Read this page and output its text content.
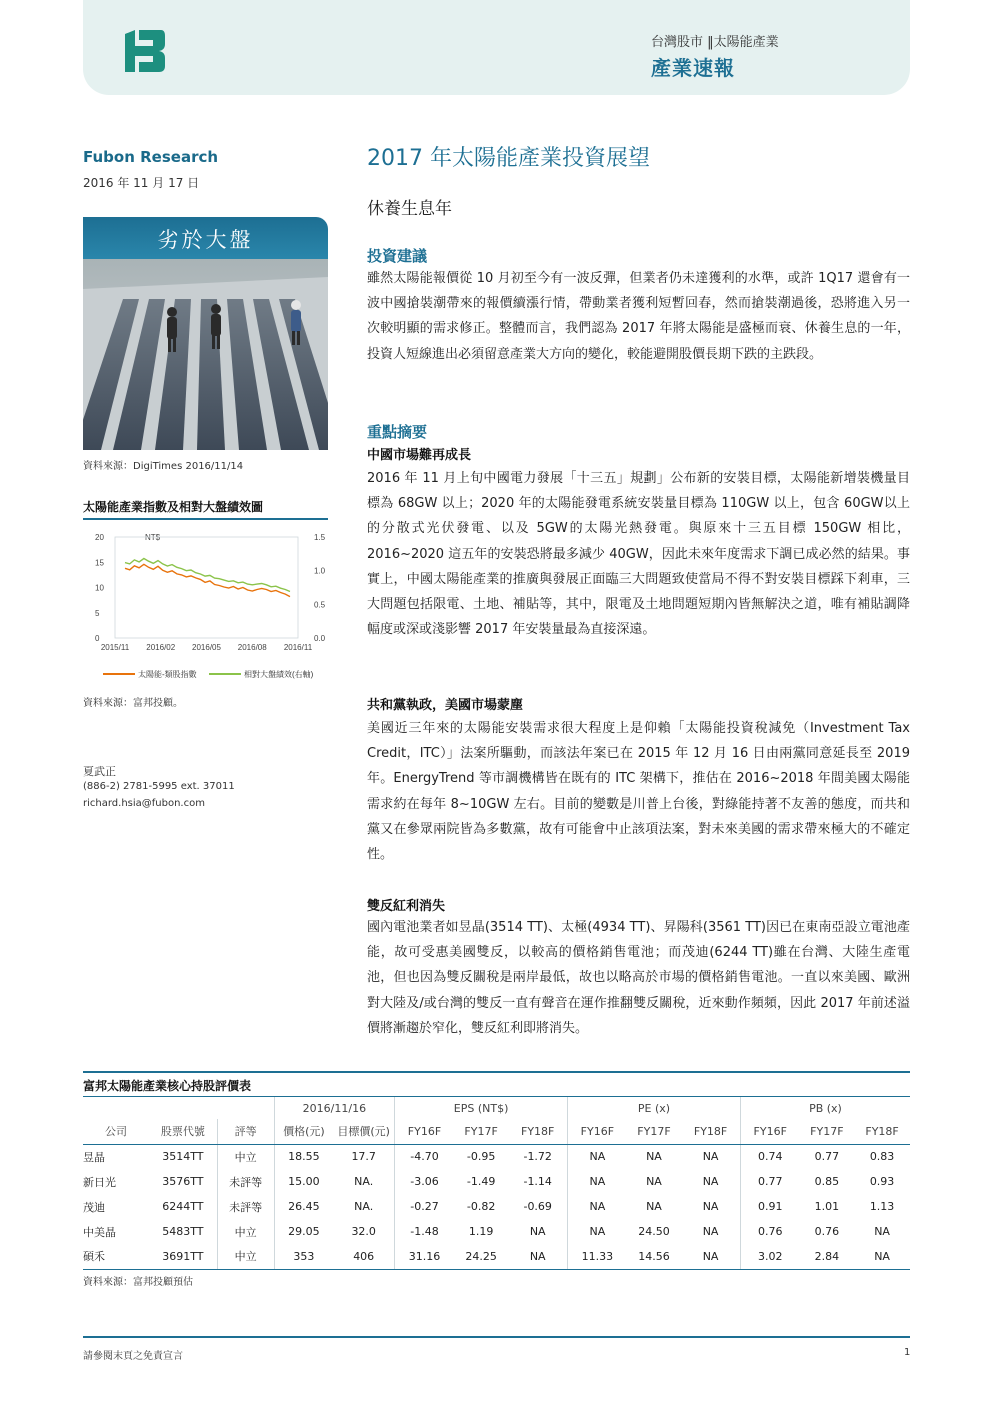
台灣股市 ‖太陽能產業
產業速報
Fubon Research
2016 年 11 月 17 日
劣於大盤
資料來源：DigiTimes 2016/11/14
太陽能產業指數及相對大盤績效圖
NT$
太陽能-類股指數	相對大盤績效(右軸)
20
15
10
5
0
1.5
1.0
0.5
0.0
2015/11 2016/02 2016/05 2016/08 2016/11
資料來源：富邦投顧。
夏武正
(886-2) 2781-5995 ext. 37011
richard.hsia@fubon.com
2017 年太陽能產業投資展望
休養生息年
投資建議
雖然太陽能報價從 10 月初至今有一波反彈，但業者仍未達獲利的水準，或許 1Q17 還會有一波中國搶裝潮帶來的報價續漲行情，帶動業者獲利短暫回春，然而搶裝潮過後，恐將進入另一次較明顯的需求修正。整體而言，我們認為 2017 年將太陽能是盛極而衰、休養生息的一年，投資人短線進出必須留意產業大方向的變化，較能避開股價長期下跌的主跌段。
重點摘要
中國市場難再成長
2016 年 11 月上旬中國電力發展「十三五」規劃」公布新的安裝目標，太陽能新增裝機量目標為 68GW 以上；2020 年的太陽能發電系統安裝量目標為 110GW 以上，包含 60GW以上的分散式光伏發電、以及 5GW的太陽光熱發電。與原來十三五目標 150GW 相比，2016~2020 這五年的安裝恐將最多減少 40GW，因此未來年度需求下調已成必然的結果。事實上，中國太陽能產業的推廣與發展正面臨三大問題致使當局不得不對安裝目標踩下剎車，三大問題包括限電、土地、補貼等，其中，限電及土地問題短期內皆無解決之道，唯有補貼調降幅度或深或淺影響 2017 年安裝量最為直接深遠。
共和黨執政，美國市場蒙塵
美國近三年來的太陽能安裝需求很大程度上是仰賴「太陽能投資稅減免（Investment Tax Credit，ITC）」法案所驅動，而該法年案已在 2015 年 12 月 16 日由兩黨同意延長至 2019 年。EnergyTrend 等市調機構皆在既有的 ITC 架構下，推估在 2016~2018 年間美國太陽能需求約在每年 8~10GW 左右。目前的變數是川普上台後，對綠能持著不友善的態度，而共和黨又在參眾兩院皆為多數黨，故有可能會中止該項法案，對未來美國的需求帶來極大的不確定性。
雙反紅利消失
國內電池業者如昱晶(3514 TT)、太極(4934 TT)、昇陽科(3561 TT)因已在東南亞設立電池產能，故可受惠美國雙反，以較高的價格銷售電池；而茂迪(6244 TT)雖在台灣、大陸生產電池，但也因為雙反關稅是兩岸最低，故也以略高於市場的價格銷售電池。一直以來美國、歐洲對大陸及/或台灣的雙反一直有聲音在運作推翻雙反關稅，近來動作頻頻，因此 2017 年前述溢價將漸趨於窄化，雙反紅利即將消失。
富邦太陽能產業核心持股評價表
			2016/11/16		EPS (NT$)			PE (x)			PB (x)		
公司	股票代號	評等	價格(元)	目標價(元)	FY16F	FY17F	FY18F	FY16F	FY17F	FY18F	FY16F	FY17F	FY18F
昱晶	3514TT	中立	18.55	17.7	-4.70	-0.95	-1.72	NA	NA	NA	0.74	0.77	0.83
新日光	3576TT	未評等	15.00	NA.	-3.06	-1.49	-1.14	NA	NA	NA	0.77	0.85	0.93
茂迪	6244TT	未評等	26.45	NA.	-0.27	-0.82	-0.69	NA	NA	NA	0.91	1.01	1.13
中美晶	5483TT	中立	29.05	32.0	-1.48	1.19	NA	NA	24.50	NA	0.76	0.76	NA
碩禾	3691TT	中立	353	406	31.16	24.25	NA	11.33	14.56	NA	3.02	2.84	NA
資料來源：富邦投顧預估
請參閱末頁之免責宣言	1
